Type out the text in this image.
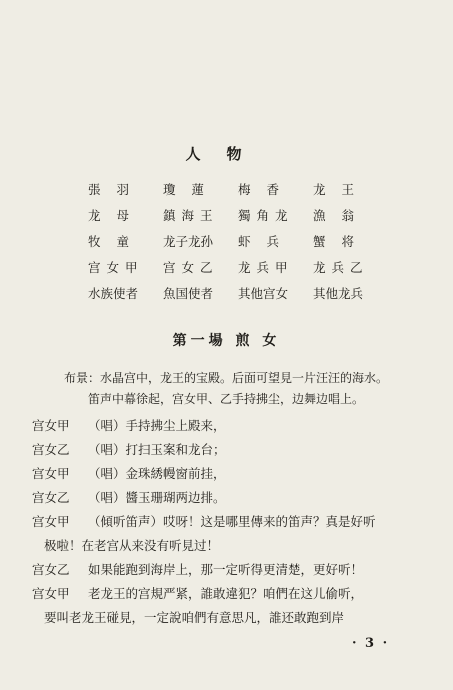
人物
張 羽	瓊 蓮	梅 香	龙 王
龙 母	鎮海王	獨角龙	漁 翁
牧 童	龙子龙孙	虾 兵	蟹 将
宫女甲	宫女乙	龙兵甲	龙兵乙
水族使者	魚国使者	其他宫女	其他龙兵
第一場 煎 女
布景：水晶宫中，龙王的宝殿。后面可望見一片汪汪的海水。
笛声中幕徐起，宫女甲、乙手持拂尘，边舞边唱上。
宫女甲	（唱）手持拂尘上殿来，
宫女乙	（唱）打扫玉案和龙台；
宫女甲	（唱）金珠綉幔窗前挂，
宫女乙	（唱）醬玉珊瑚两边排。
宫女甲	（傾听笛声）哎呀！这是哪里傳来的笛声？真是好听
极啦！在老宫从来没有听見过！
宫女乙	如果能跑到海岸上，那一定听得更清楚，更好听！
宫女甲	老龙王的宫規严紧，誰敢違犯？咱們在这儿偷听，
要叫老龙王碰見，一定說咱們有意思凡，誰还敢跑到岸
· 3 ·
